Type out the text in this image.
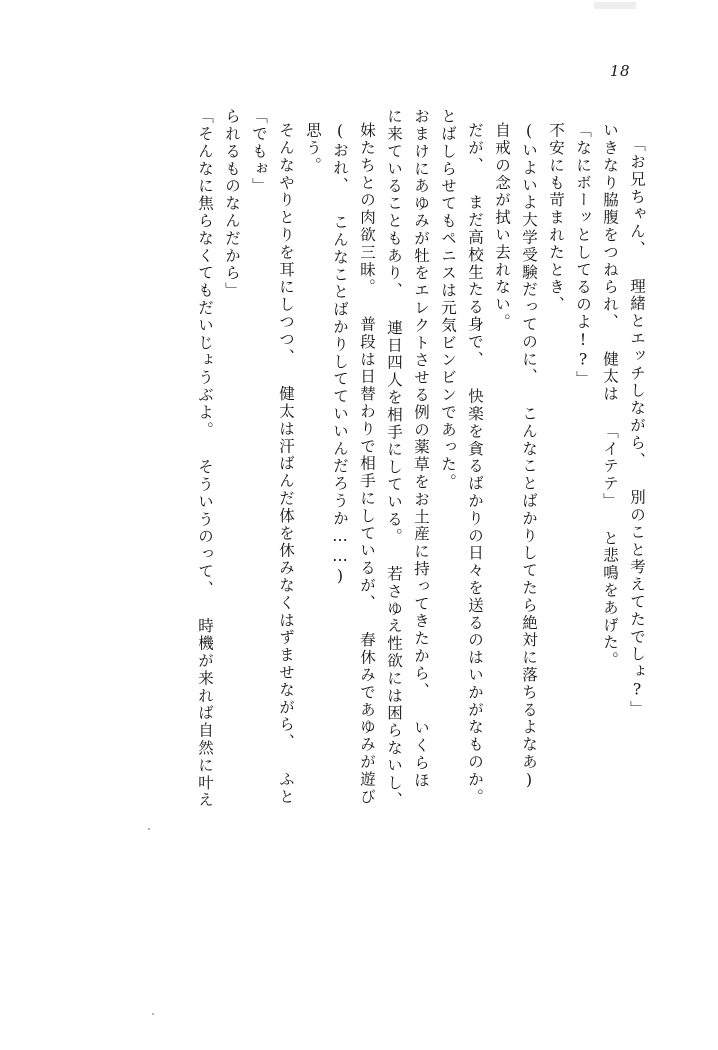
18
「そんなに焦らなくてもだいじょうぶよ。 そういうのって、 時機が来れば自然に叶え られるものなんだから」 「でもぉ」 そんなやりとりを耳にしつつ、 健太は汗ばんだ体を休みなくはずませながら、 ふと 思う。 (おれ、 こんなことばかりしてていいんだろうか……) 妹たちとの肉欲三昧。 普段は日替わりで相手にしているが、 春休みであゆみが遊び に来ていることもあり、 連日四人を相手にしている。 若さゆえ性欲には困らないし、 おまけにあゆみが牡をエレクトさせる例の薬草をお土産に持ってきたから、 いくらほ とばしらせてもペニスは元気ビンビンであった。 だが、 まだ高校生たる身で、 快楽を貪るばかりの日々を送るのはいかがなものか。 自戒の念が拭い去れない。 (いよいよ大学受験だってのに、 こんなことばかりしてたら絶対に落ちるよなあ) 不安にも苛まれたとき、 「なにボーッとしてるのよ!?」 いきなり脇腹をつねられ、 健太は 「イテテ」 と悲鳴をあげた。 「お兄ちゃん、 理緒とエッチしながら、 別のこと考えてたでしょ?」
